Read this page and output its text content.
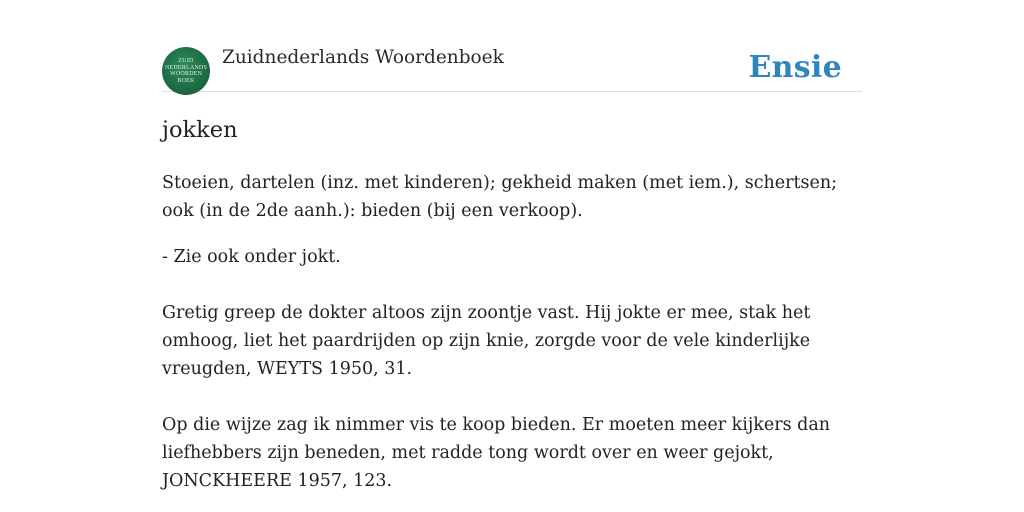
ZUID
NEDERLANDS
WOORDEN
BOEK
Zuidnederlands Woordenboek	Ensie
jokken
Stoeien, dartelen (inz. met kinderen); gekheid maken (met iem.), schertsen; ook (in de 2de aanh.): bieden (bij een verkoop).
- Zie ook onder jokt.
Gretig greep de dokter altoos zijn zoontje vast. Hij jokte er mee, stak het omhoog, liet het paardrijden op zijn knie, zorgde voor de vele kinderlijke vreugden, WEYTS 1950, 31.
Op die wijze zag ik nimmer vis te koop bieden. Er moeten meer kijkers dan liefhebbers zijn beneden, met radde tong wordt over en weer gejokt, JONCKHEERE 1957, 123.
